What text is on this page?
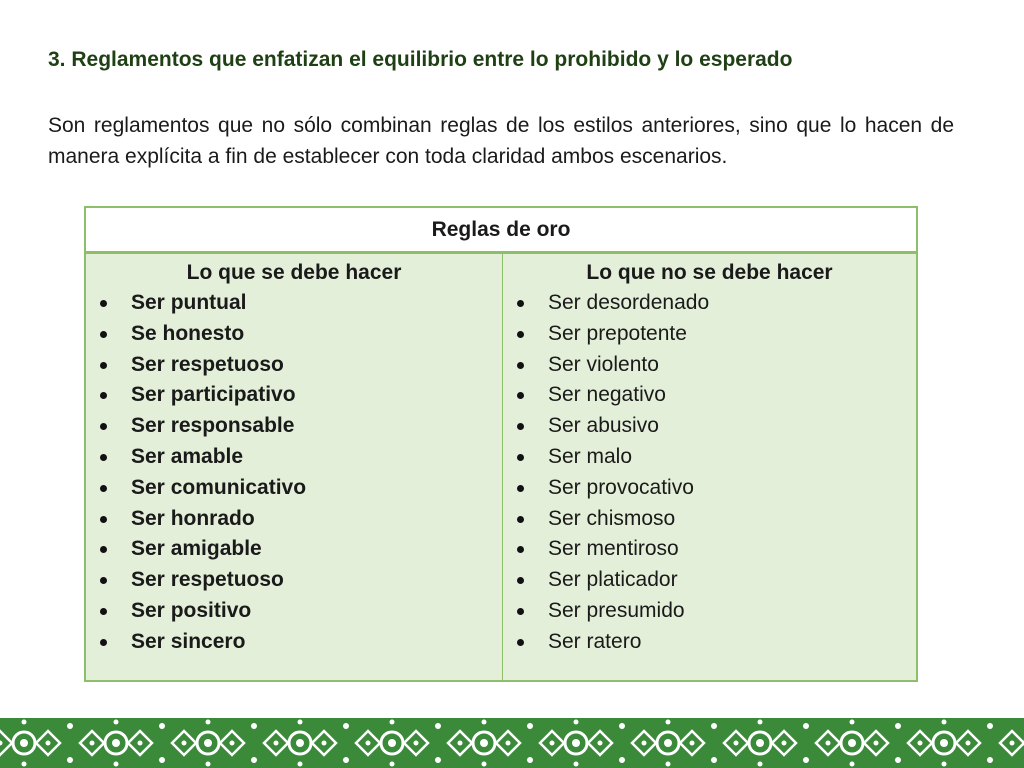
3. Reglamentos que enfatizan el equilibrio entre lo prohibido y lo esperado

Son reglamentos que no sólo combinan reglas de los estilos anteriores, sino que lo hacen de manera explícita a fin de establecer con toda claridad ambos escenarios.

Reglas de oro
Lo que se debe hacer
Ser puntual
Se honesto
Ser respetuoso
Ser participativo
Ser responsable
Ser amable
Ser comunicativo
Ser honrado
Ser amigable
Ser respetuoso
Ser positivo
Ser sincero
Lo que no se debe hacer
Ser desordenado
Ser prepotente
Ser violento
Ser negativo
Ser abusivo
Ser malo
Ser provocativo
Ser chismoso
Ser mentiroso
Ser platicador
Ser presumido
Ser ratero
